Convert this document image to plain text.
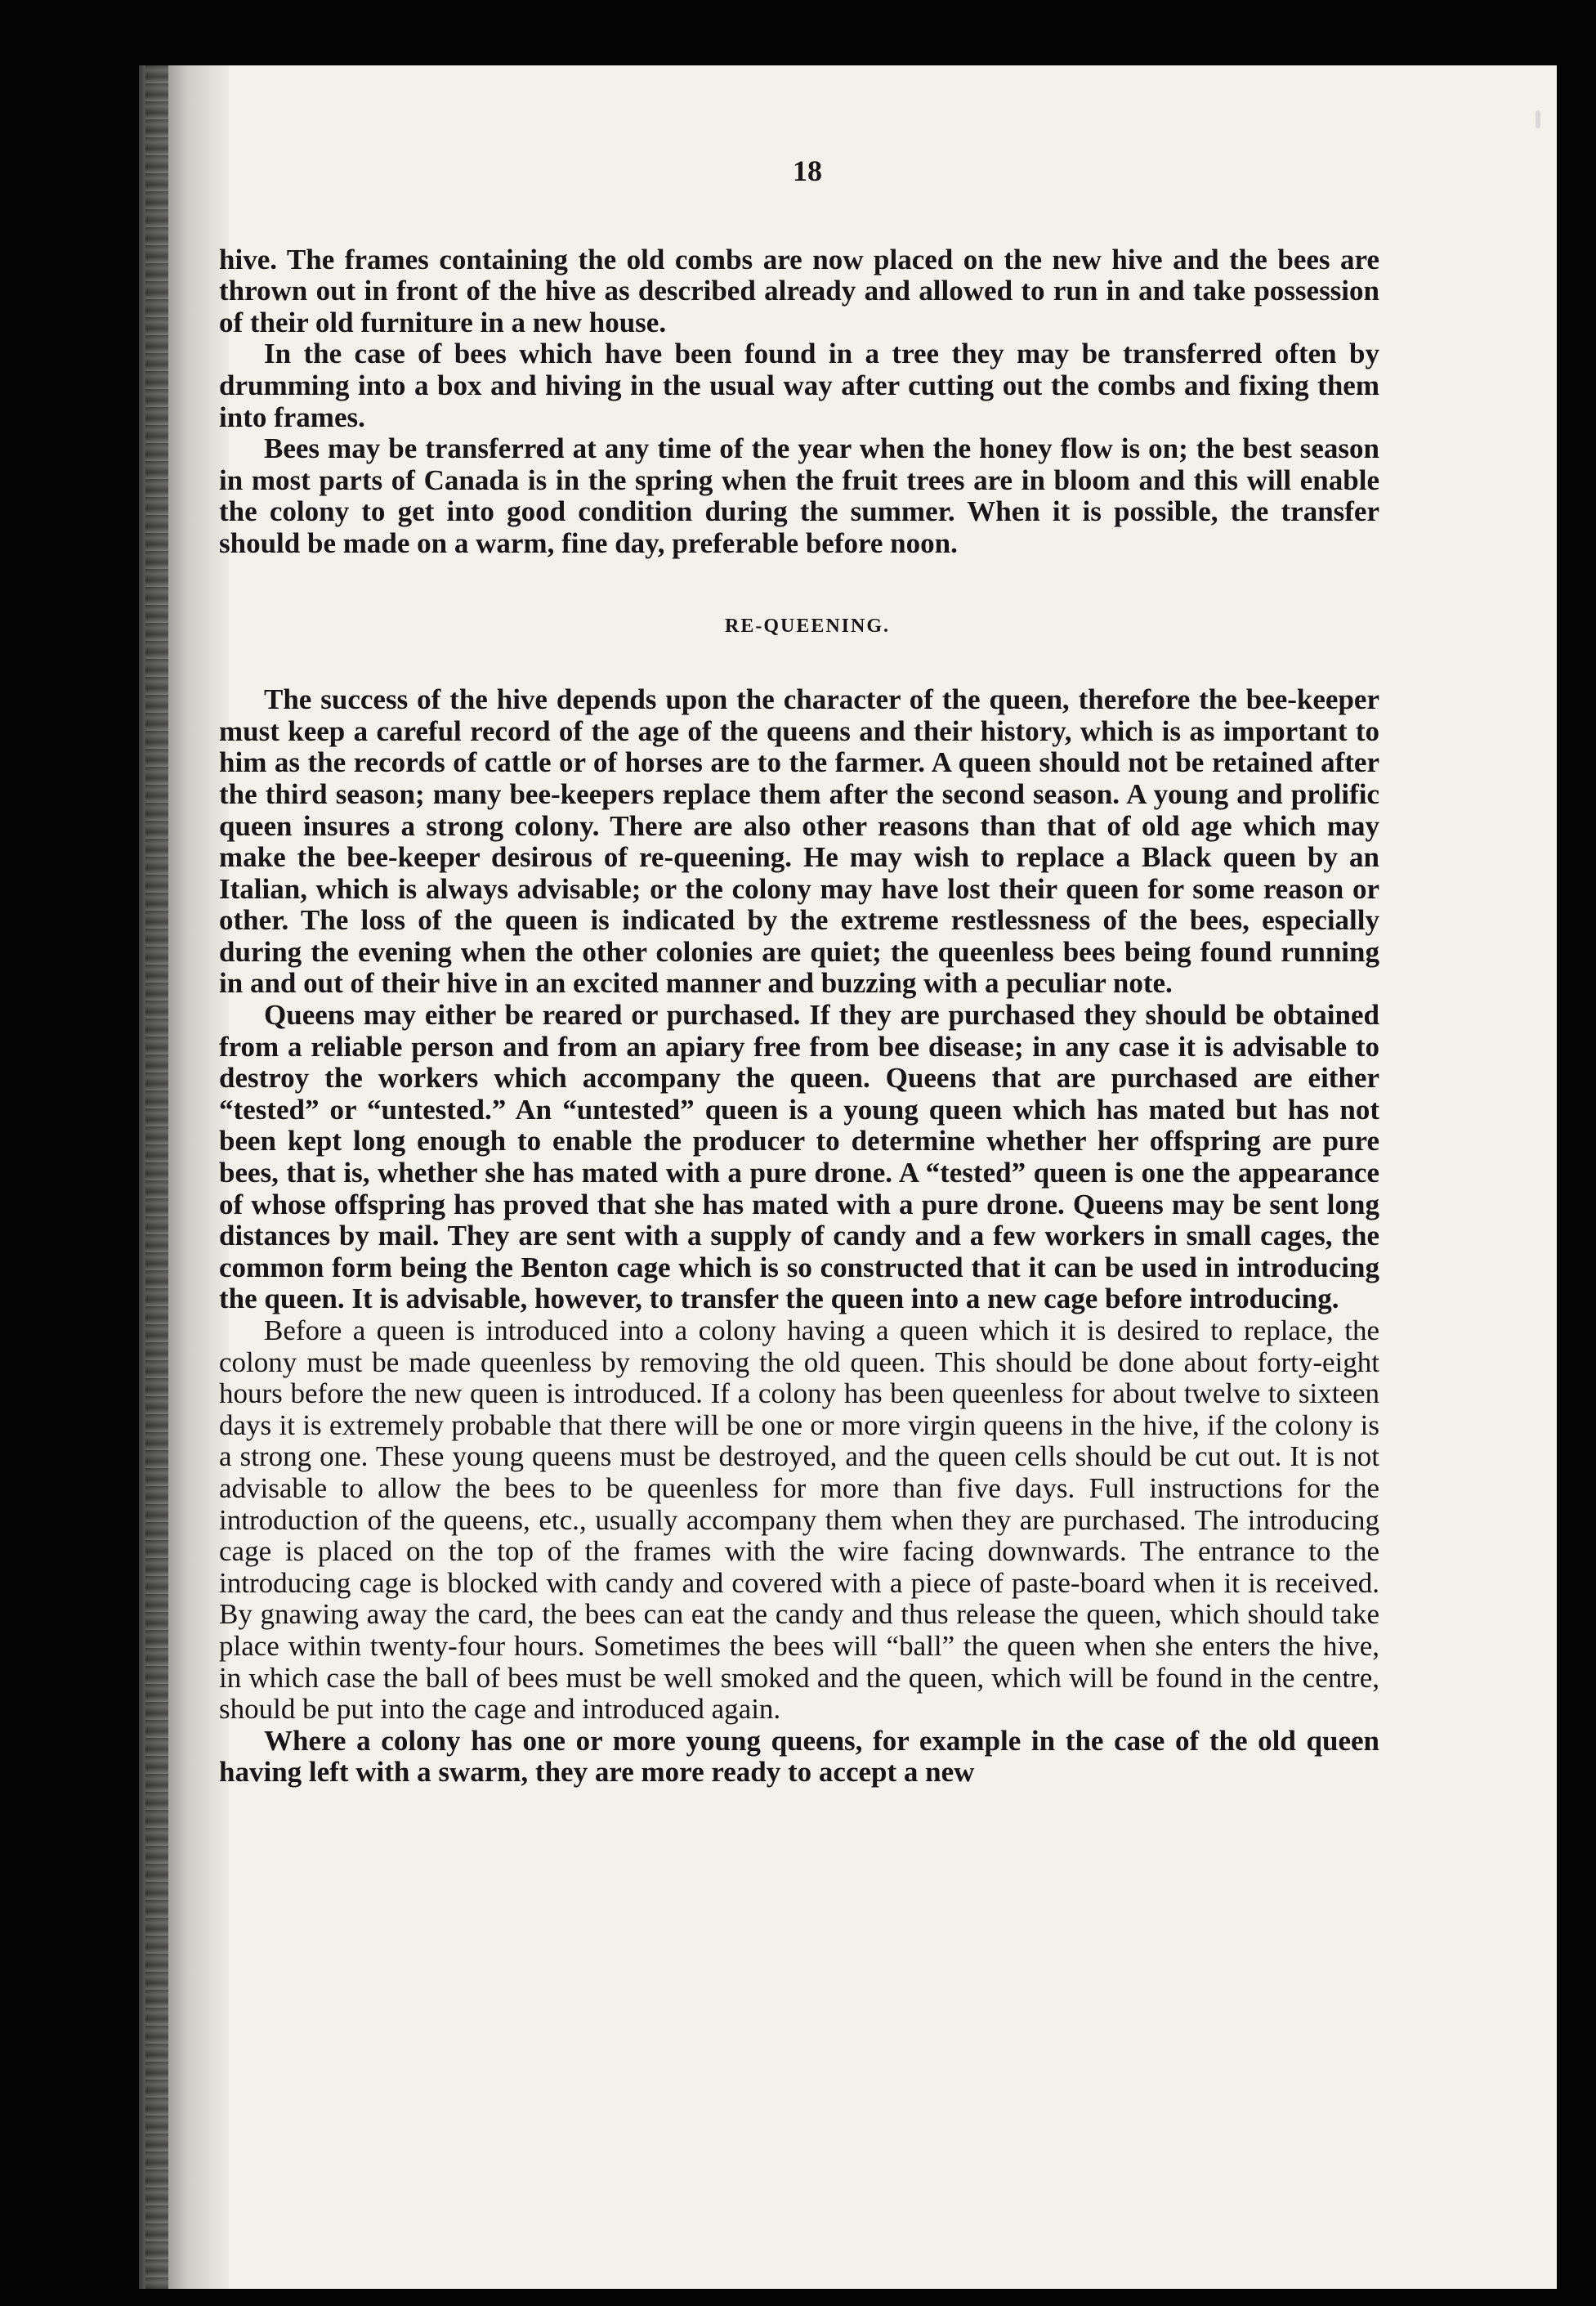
18

hive. The frames containing the old combs are now placed on the new hive and the bees are thrown out in front of the hive as described already and allowed to run in and take possession of their old furniture in a new house.

In the case of bees which have been found in a tree they may be transferred often by drumming into a box and hiving in the usual way after cutting out the combs and fixing them into frames.

Bees may be transferred at any time of the year when the honey flow is on; the best season in most parts of Canada is in the spring when the fruit trees are in bloom and this will enable the colony to get into good condition during the summer. When it is possible, the transfer should be made on a warm, fine day, preferable before noon.

RE-QUEENING.

The success of the hive depends upon the character of the queen, therefore the bee-keeper must keep a careful record of the age of the queens and their history, which is as important to him as the records of cattle or of horses are to the farmer. A queen should not be retained after the third season; many bee-keepers replace them after the second season. A young and prolific queen insures a strong colony. There are also other reasons than that of old age which may make the bee-keeper desirous of re-queening. He may wish to replace a Black queen by an Italian, which is always advisable; or the colony may have lost their queen for some reason or other. The loss of the queen is indicated by the extreme restlessness of the bees, especially during the evening when the other colonies are quiet; the queenless bees being found running in and out of their hive in an excited manner and buzzing with a peculiar note.

Queens may either be reared or purchased. If they are purchased they should be obtained from a reliable person and from an apiary free from bee disease; in any case it is advisable to destroy the workers which accompany the queen. Queens that are purchased are either “tested” or “untested.” An “untested” queen is a young queen which has mated but has not been kept long enough to enable the producer to determine whether her offspring are pure bees, that is, whether she has mated with a pure drone. A “tested” queen is one the appearance of whose offspring has proved that she has mated with a pure drone. Queens may be sent long distances by mail. They are sent with a supply of candy and a few workers in small cages, the common form being the Benton cage which is so constructed that it can be used in introducing the queen. It is advisable, however, to transfer the queen into a new cage before introducing.

Before a queen is introduced into a colony having a queen which it is desired to replace, the colony must be made queenless by removing the old queen. This should be done about forty-eight hours before the new queen is introduced. If a colony has been queenless for about twelve to sixteen days it is extremely probable that there will be one or more virgin queens in the hive, if the colony is a strong one. These young queens must be destroyed, and the queen cells should be cut out. It is not advisable to allow the bees to be queenless for more than five days. Full instructions for the introduction of the queens, etc., usually accompany them when they are purchased. The introducing cage is placed on the top of the frames with the wire facing downwards. The entrance to the introducing cage is blocked with candy and covered with a piece of paste-board when it is received. By gnawing away the card, the bees can eat the candy and thus release the queen, which should take place within twenty-four hours. Sometimes the bees will “ball” the queen when she enters the hive, in which case the ball of bees must be well smoked and the queen, which will be found in the centre, should be put into the cage and introduced again.

Where a colony has one or more young queens, for example in the case of the old queen having left with a swarm, they are more ready to accept a new
